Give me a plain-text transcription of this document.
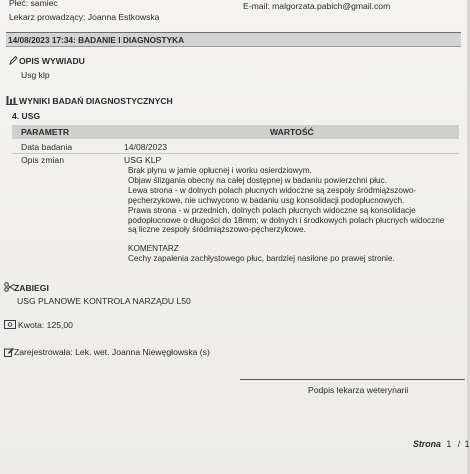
Płeć: samiec	E-mail: malgorzata.pabich@gmail.com
Lekarz prowadzący: Joanna Estkowska
14/08/2023 17:34: BADANIE I DIAGNOSTYKA
OPIS WYWIADU
Usg klp
WYNIKI BADAŃ DIAGNOSTYCZNYCH
4. USG
PARAMETR	WARTOŚĆ
Data badania	14/08/2023
Opis zmian	USG KLP
Brak płynu w jamie opłucnej i worku osierdziowym.
Objaw ślizgania obecny na całej dostępnej w badaniu powierzchni płuc.
Lewa strona - w dolnych polach płucnych widoczne są zespoły śródmiąższowo-
pęcherzykowe, nie uchwycono w badaniu usg konsolidacji podopłucnowych.
Prawa strona - w przednich, dolnych polach płucnych widoczne są konsolidacje
podopłucnowe o długości do 18mm; w dolnych i środkowych polach płucnych widoczne
są liczne zespoły śródmiąższowo-pęcherzykowe.
KOMENTARZ
Cechy zapalenia zachłystowego płuc, bardziej nasilone po prawej stronie.
ZABIEGI
USG PLANOWE KONTROLA NARZĄDU L50
Kwota: 125,00
Zarejestrowała: Lek. wet. Joanna Niewęgłowska (s)
Podpis lekarza weterynarii
Strona 1 / 1
